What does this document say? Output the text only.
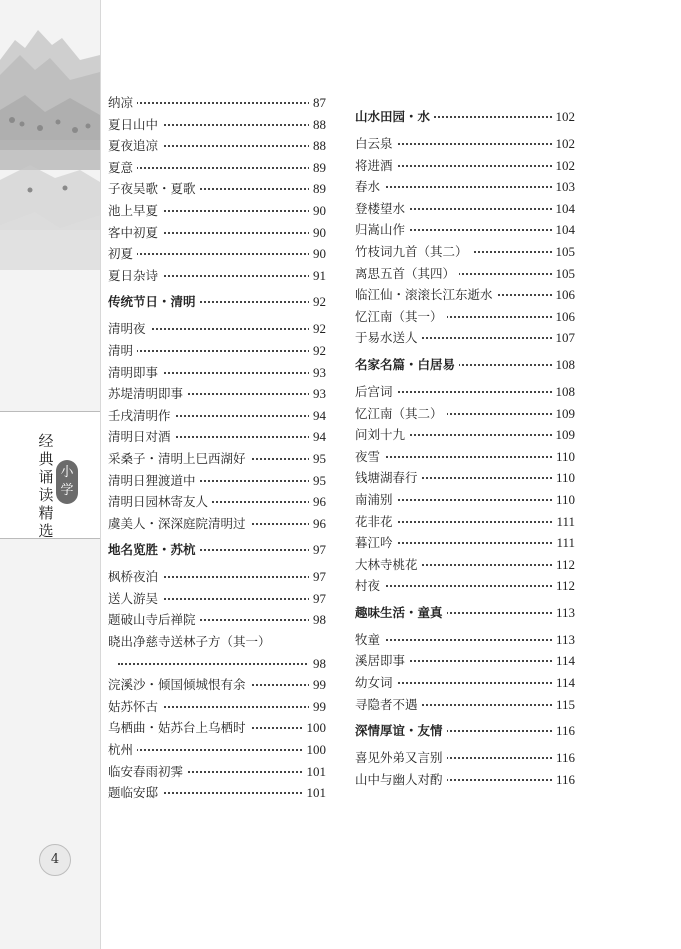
经
典
诵
读
精
选
小
学
4
纳凉	87
夏日山中	88
夏夜追凉	88
夏意	89
子夜吴歌・夏歌	89
池上早夏	90
客中初夏	90
初夏	90
夏日杂诗	91
传统节日・清明	92
清明夜	92
清明	92
清明即事	93
苏堤清明即事	93
壬戌清明作	94
清明日对酒	94
采桑子・清明上巳西湖好	95
清明日狸渡道中	95
清明日园林寄友人	96
虞美人・深深庭院清明过	96
地名览胜・苏杭	97
枫桥夜泊	97
送人游吴	97
题破山寺后禅院	98
晓出净慈寺送林子方（其一）
98
浣溪沙・倾国倾城恨有余	99
姑苏怀古	99
乌栖曲・姑苏台上乌栖时	100
杭州	100
临安春雨初霁	101
题临安邸	101
山水田园・水	102
白云泉	102
将进酒	102
春水	103
登楼望水	104
归嵩山作	104
竹枝词九首（其二）	105
离思五首（其四）	105
临江仙・滚滚长江东逝水	106
忆江南（其一）	106
于易水送人	107
名家名篇・白居易	108
后宫词	108
忆江南（其二）	109
问刘十九	109
夜雪	110
钱塘湖春行	110
南浦别	110
花非花	111
暮江吟	111
大林寺桃花	112
村夜	112
趣味生活・童真	113
牧童	113
溪居即事	114
幼女词	114
寻隐者不遇	115
深情厚谊・友情	116
喜见外弟又言别	116
山中与幽人对酌	116
